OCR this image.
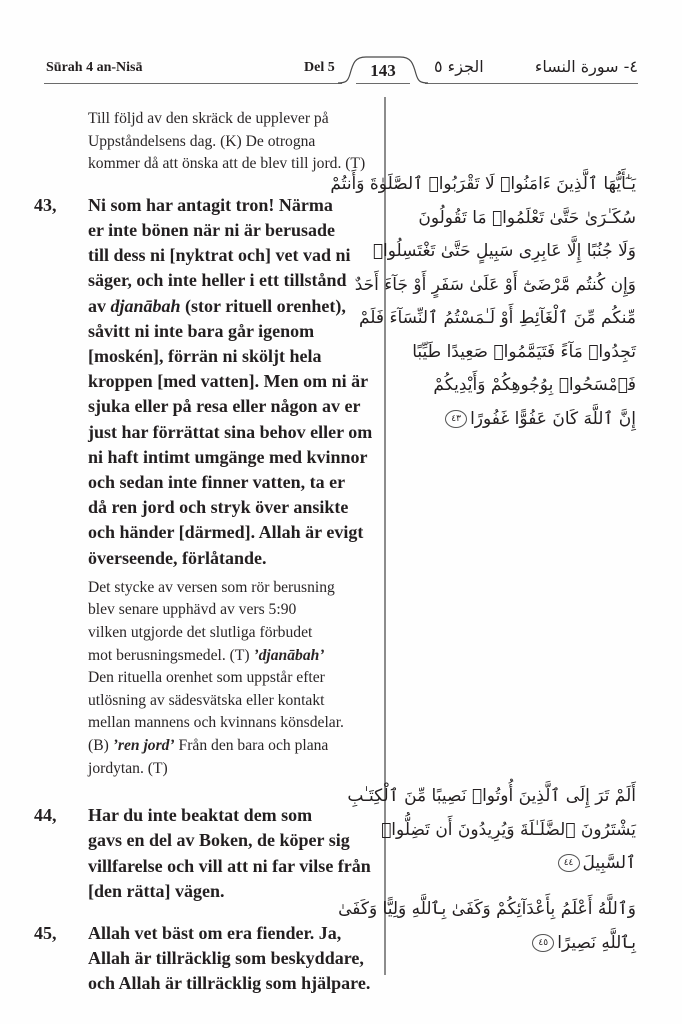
Sūrah 4 an-Nisā	Del 5	143	الجزء ٥	٤- سورة النساء

Till följd av den skräck de upplever på

Uppståndelsens dag. (K) De otrogna

kommer då att önska att de blev till jord. (T)

43, Ni som har antagit tron! Närma

er inte bönen när ni är berusade

till dess ni [nyktrat och] vet vad ni

säger, och inte heller i ett tillstånd

av djanābah (stor rituell orenhet),

såvitt ni inte bara går igenom

[moskén], förrän ni sköljt hela

kroppen [med vatten]. Men om ni är

sjuka eller på resa eller någon av er

just har förrättat sina behov eller om

ni haft intimt umgänge med kvinnor

och sedan inte finner vatten, ta er

då ren jord och stryk över ansikte

och händer [därmed]. Allah är evigt

överseende, förlåtande.

Det stycke av versen som rör berusning

blev senare upphävd av vers 5:90

vilken utgjorde det slutliga förbudet

mot berusningsmedel. (T) ’djanābah’

Den rituella orenhet som uppstår efter

utlösning av sädesvätska eller kontakt

mellan mannens och kvinnans könsdelar.

(B) ’ren jord’ Från den bara och plana

jordytan. (T)

44, Har du inte beaktat dem som

gavs en del av Boken, de köper sig

villfarelse och vill att ni far vilse från

[den rätta] vägen.

45, Allah vet bäst om era fiender. Ja,

Allah är tillräcklig som beskyddare,

och Allah är tillräcklig som hjälpare.

يَـٰٓأَيُّهَا ٱلَّذِينَ ءَامَنُوا۟ لَا تَقْرَبُوا۟ ٱلصَّلَوٰةَ وَأَنتُمْ

سُكَـٰرَىٰ حَتَّىٰ تَعْلَمُوا۟ مَا تَقُولُونَ

وَلَا جُنُبًا إِلَّا عَابِرِى سَبِيلٍ حَتَّىٰ تَغْتَسِلُوا۟

وَإِن كُنتُم مَّرْضَىٰٓ أَوْ عَلَىٰ سَفَرٍ أَوْ جَآءَ أَحَدٌ

مِّنكُم مِّنَ ٱلْغَآئِطِ أَوْ لَـٰمَسْتُمُ ٱلنِّسَآءَ فَلَمْ

تَجِدُوا۟ مَآءً فَتَيَمَّمُوا۟ صَعِيدًا طَيِّبًا

فَٱمْسَحُوا۟ بِوُجُوهِكُمْ وَأَيْدِيكُمْ

إِنَّ ٱللَّهَ كَانَ عَفُوًّا غَفُورًا٤٣

أَلَمْ تَرَ إِلَى ٱلَّذِينَ أُوتُوا۟ نَصِيبًا مِّنَ ٱلْكِتَـٰبِ

يَشْتَرُونَ ٱلضَّلَـٰلَةَ وَيُرِيدُونَ أَن تَضِلُّوا۟

ٱلسَّبِيلَ٤٤

وَٱللَّهُ أَعْلَمُ بِأَعْدَآئِكُمْ وَكَفَىٰ بِٱللَّهِ وَلِيًّا وَكَفَىٰ

بِٱللَّهِ نَصِيرًا٤٥
